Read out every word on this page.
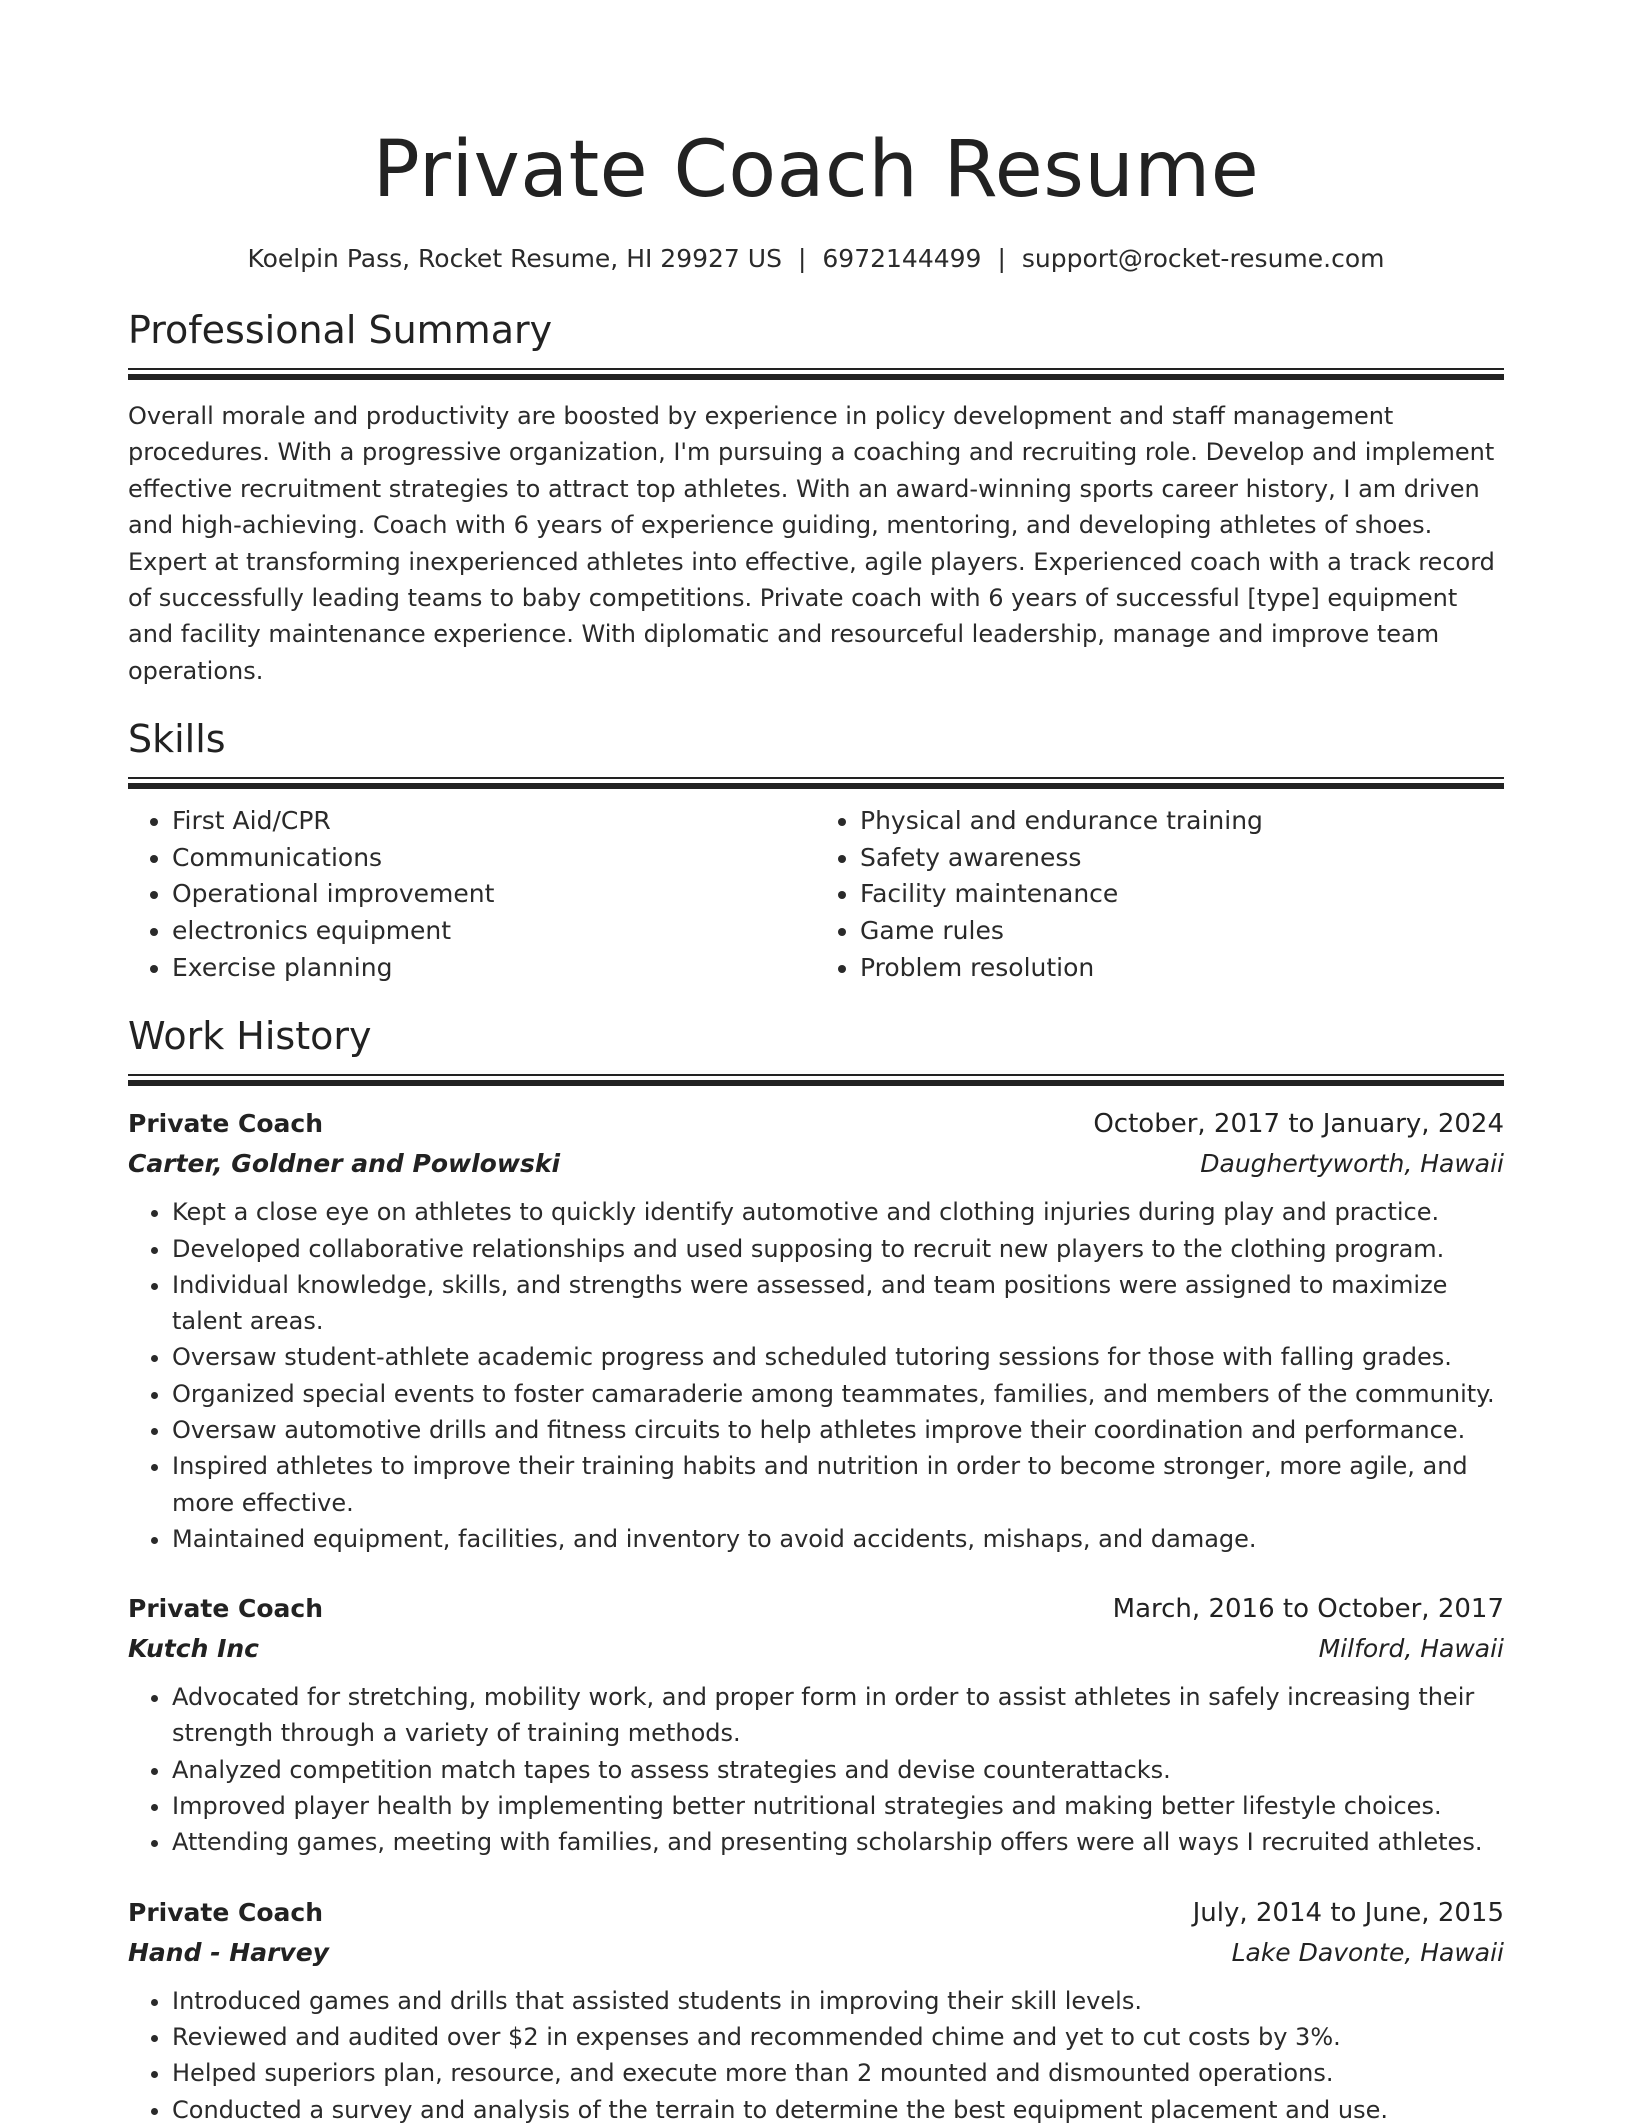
Private Coach Resume
Koelpin Pass, Rocket Resume, HI 29927 US | 6972144499 | support@rocket-resume.com
Professional Summary

Overall morale and productivity are boosted by experience in policy development and staff management procedures. With a progressive organization, I'm pursuing a coaching and recruiting role. Develop and implement effective recruitment strategies to attract top athletes. With an award-winning sports career history, I am driven and high-achieving. Coach with 6 years of experience guiding, mentoring, and developing athletes of shoes. Expert at transforming inexperienced athletes into effective, agile players. Experienced coach with a track record of successfully leading teams to baby competitions. Private coach with 6 years of successful [type] equipment and facility maintenance experience. With diplomatic and resourceful leadership, manage and improve team operations.

Skills
• First Aid/CPR
• Communications
• Operational improvement
• electronics equipment
• Exercise planning
• Physical and endurance training
• Safety awareness
• Facility maintenance
• Game rules
• Problem resolution
Work History
Private Coach	October, 2017 to January, 2024
Carter, Goldner and Powlowski	Daughertyworth, Hawaii
• Kept a close eye on athletes to quickly identify automotive and clothing injuries during play and practice.
• Developed collaborative relationships and used supposing to recruit new players to the clothing program.
• Individual knowledge, skills, and strengths were assessed, and team positions were assigned to maximize talent areas.
• Oversaw student-athlete academic progress and scheduled tutoring sessions for those with falling grades.
• Organized special events to foster camaraderie among teammates, families, and members of the community.
• Oversaw automotive drills and fitness circuits to help athletes improve their coordination and performance.
• Inspired athletes to improve their training habits and nutrition in order to become stronger, more agile, and more effective.
• Maintained equipment, facilities, and inventory to avoid accidents, mishaps, and damage.
Private Coach	March, 2016 to October, 2017
Kutch Inc	Milford, Hawaii
• Advocated for stretching, mobility work, and proper form in order to assist athletes in safely increasing their strength through a variety of training methods.
• Analyzed competition match tapes to assess strategies and devise counterattacks.
• Improved player health by implementing better nutritional strategies and making better lifestyle choices.
• Attending games, meeting with families, and presenting scholarship offers were all ways I recruited athletes.
Private Coach	July, 2014 to June, 2015
Hand - Harvey	Lake Davonte, Hawaii
• Introduced games and drills that assisted students in improving their skill levels.
• Reviewed and audited over $2 in expenses and recommended chime and yet to cut costs by 3%.
• Helped superiors plan, resource, and execute more than 2 mounted and dismounted operations.
• Conducted a survey and analysis of the terrain to determine the best equipment placement and use.
